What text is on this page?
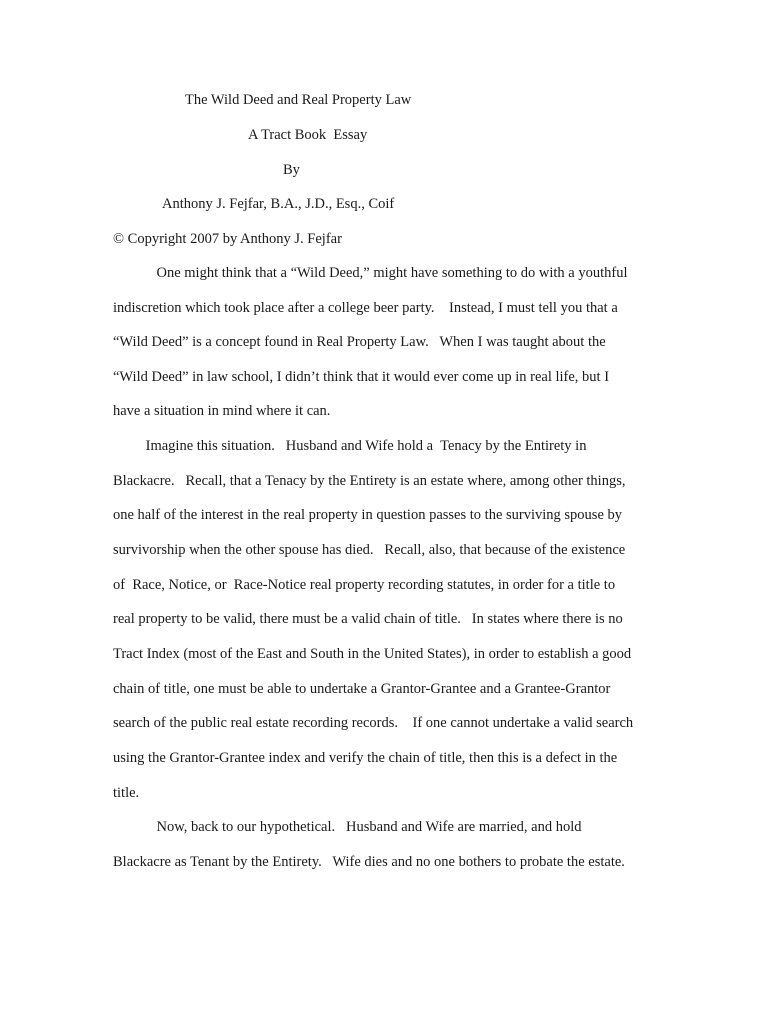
The Wild Deed and Real Property Law
A Tract Book  Essay
By
Anthony J. Fejfar, B.A., J.D., Esq., Coif
© Copyright 2007 by Anthony J. Fejfar
One might think that a “Wild Deed,” might have something to do with a youthful
indiscretion which took place after a college beer party.    Instead, I must tell you that a
“Wild Deed” is a concept found in Real Property Law.   When I was taught about the
“Wild Deed” in law school, I didn’t think that it would ever come up in real life, but I
have a situation in mind where it can.
Imagine this situation.   Husband and Wife hold a  Tenacy by the Entirety in
Blackacre.   Recall, that a Tenacy by the Entirety is an estate where, among other things,
one half of the interest in the real property in question passes to the surviving spouse by
survivorship when the other spouse has died.   Recall, also, that because of the existence
of  Race, Notice, or  Race-Notice real property recording statutes, in order for a title to
real property to be valid, there must be a valid chain of title.   In states where there is no
Tract Index (most of the East and South in the United States), in order to establish a good
chain of title, one must be able to undertake a Grantor-Grantee and a Grantee-Grantor
search of the public real estate recording records.    If one cannot undertake a valid search
using the Grantor-Grantee index and verify the chain of title, then this is a defect in the
title.
Now, back to our hypothetical.   Husband and Wife are married, and hold
Blackacre as Tenant by the Entirety.   Wife dies and no one bothers to probate the estate.
